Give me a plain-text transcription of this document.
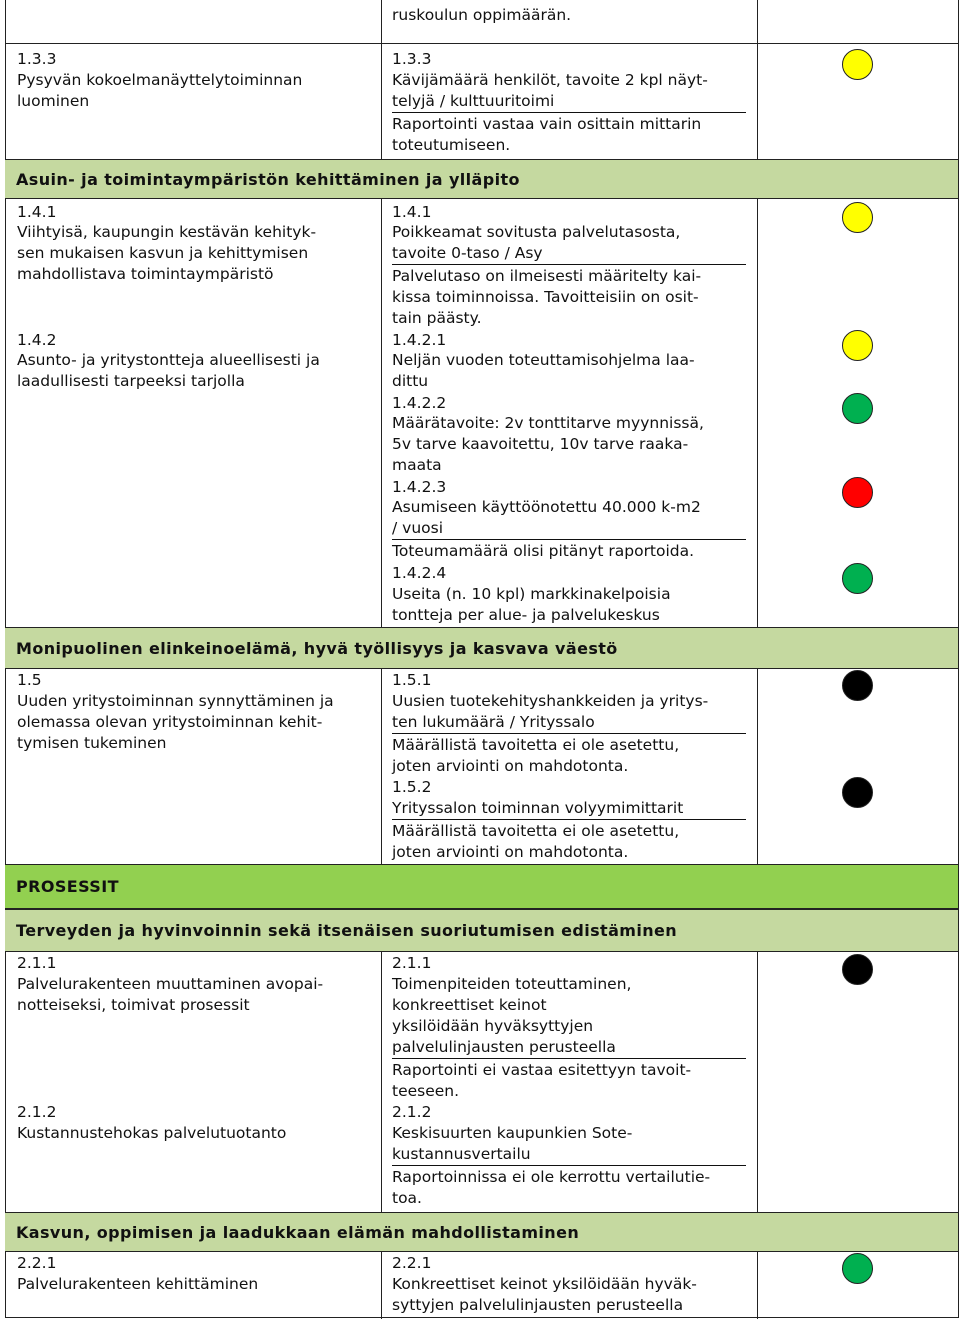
ruskoulun oppimäärän.
1.3.3
Pysyvän kokoelmanäyttelytoiminnan
luominen
1.3.3
Kävijämäärä henkilöt, tavoite 2 kpl näyt-
telyjä / kulttuuritoimi
Raportointi vastaa vain osittain mittarin
toteutumiseen.
Asuin- ja toimintaympäristön kehittäminen ja ylläpito
1.4.1
Viihtyisä, kaupungin kestävän kehityk-
sen mukaisen kasvun ja kehittymisen
mahdollistava toimintaympäristö
1.4.1
Poikkeamat sovitusta palvelutasosta,
tavoite 0-taso / Asy
Palvelutaso on ilmeisesti määritelty kai-
kissa toiminnoissa. Tavoitteisiin on osit-
tain päästy.
1.4.2
Asunto- ja yritystontteja alueellisesti ja
laadullisesti tarpeeksi tarjolla
1.4.2.1
Neljän vuoden toteuttamisohjelma laa-
dittu
1.4.2.2
Määrätavoite: 2v tonttitarve myynnissä,
5v tarve kaavoitettu, 10v tarve raaka-
maata
1.4.2.3
Asumiseen käyttöönotettu 40.000 k-m2
/ vuosi
Toteumamäärä olisi pitänyt raportoida.
1.4.2.4
Useita (n. 10 kpl) markkinakelpoisia
tontteja per alue- ja palvelukeskus
Monipuolinen elinkeinoelämä, hyvä työllisyys ja kasvava väestö
1.5
Uuden yritystoiminnan synnyttäminen ja
olemassa olevan yritystoiminnan kehit-
tymisen tukeminen
1.5.1
Uusien tuotekehityshankkeiden ja yritys-
ten lukumäärä / Yrityssalo
Määrällistä tavoitetta ei ole asetettu,
joten arviointi on mahdotonta.
1.5.2
Yrityssalon toiminnan volyymimittarit
Määrällistä tavoitetta ei ole asetettu,
joten arviointi on mahdotonta.
PROSESSIT
Terveyden ja hyvinvoinnin sekä itsenäisen suoriutumisen edistäminen
2.1.1
Palvelurakenteen muuttaminen avopai-
notteiseksi, toimivat prosessit
2.1.1
Toimenpiteiden toteuttaminen,
konkreettiset keinot
yksilöidään hyväksyttyjen
palvelulinjausten perusteella
Raportointi ei vastaa esitettyyn tavoit-
teeseen.
2.1.2
Kustannustehokas palvelutuotanto
2.1.2
Keskisuurten kaupunkien Sote-
kustannusvertailu
Raportoinnissa ei ole kerrottu vertailutie-
toa.
Kasvun, oppimisen ja laadukkaan elämän mahdollistaminen
2.2.1
Palvelurakenteen kehittäminen
2.2.1
Konkreettiset keinot yksilöidään hyväk-
syttyjen palvelulinjausten perusteella
